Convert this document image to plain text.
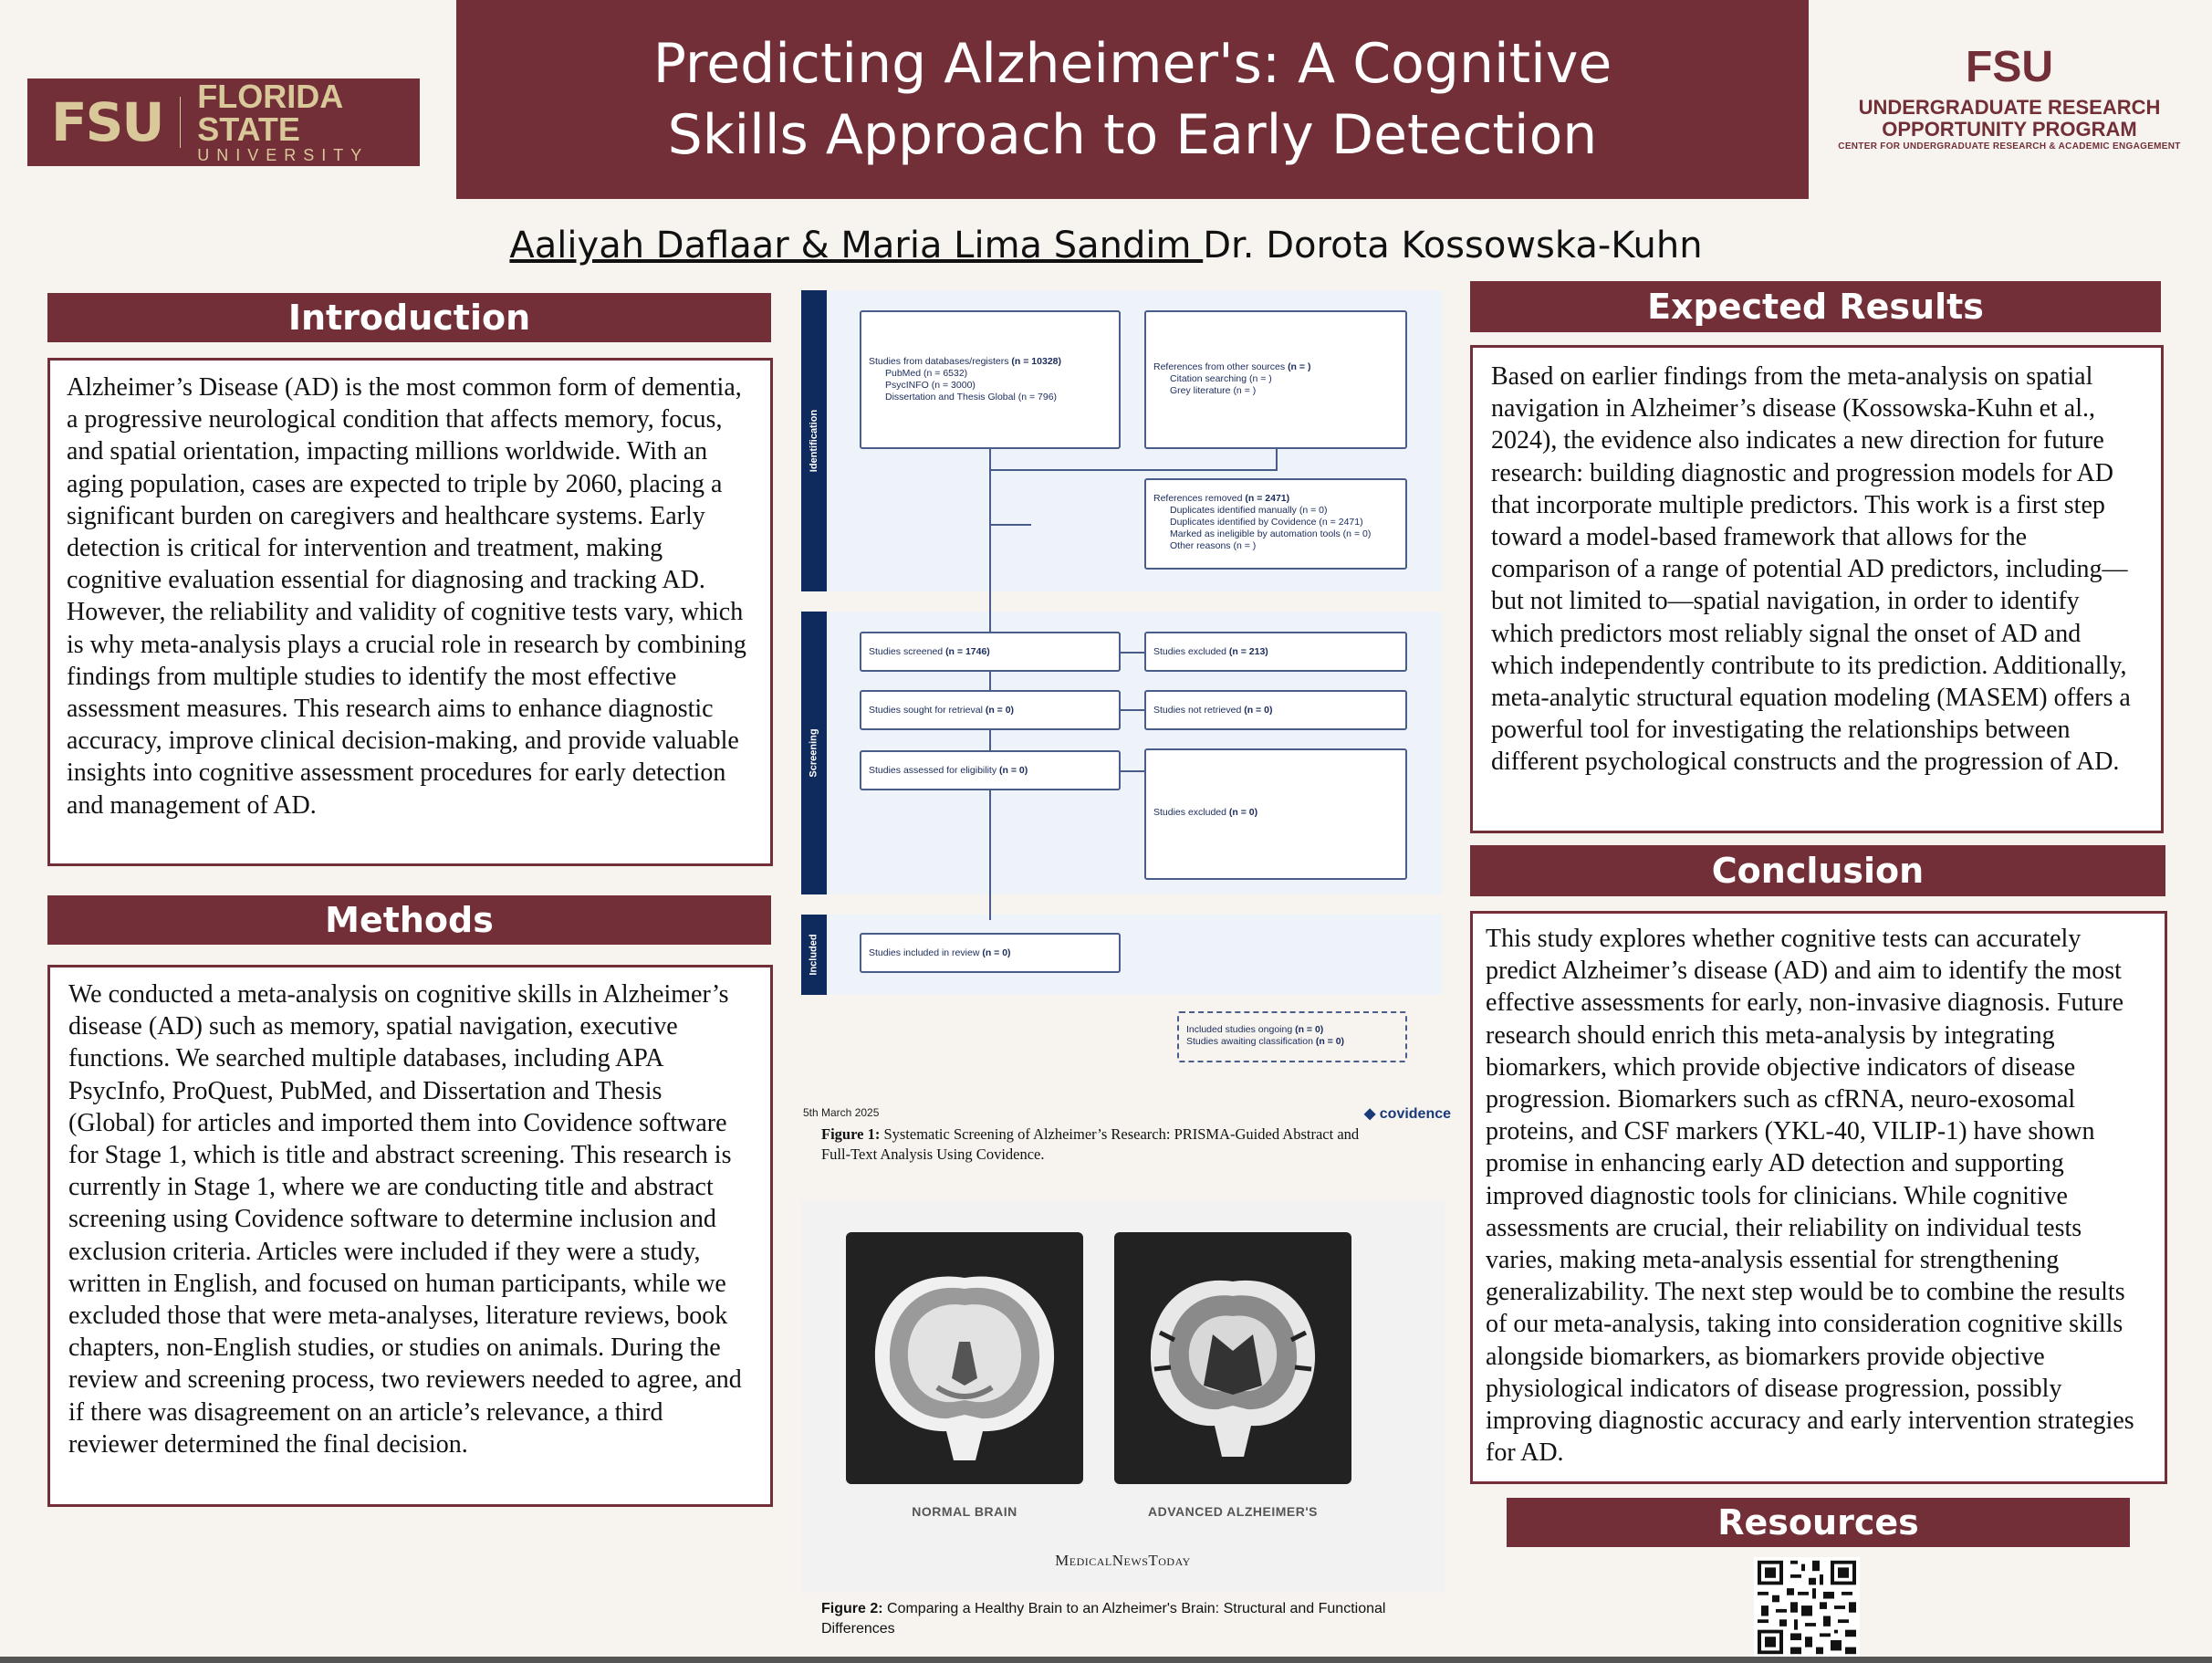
FSU FLORIDA STATE
UNIVERSITY
Predicting Alzheimer's: A Cognitive
Skills Approach to Early Detection
FSU
UNDERGRADUATE RESEARCH
OPPORTUNITY PROGRAM
CENTER FOR UNDERGRADUATE RESEARCH & ACADEMIC ENGAGEMENT
Aaliyah Daflaar & Maria Lima Sandim Dr. Dorota Kossowska-Kuhn
Introduction
Alzheimer’s Disease (AD) is the most common form of dementia, a progressive neurological condition that affects memory, focus, and spatial orientation, impacting millions worldwide. With an aging population, cases are expected to triple by 2060, placing a significant burden on caregivers and healthcare systems. Early detection is critical for intervention and treatment, making cognitive evaluation essential for diagnosing and tracking AD. However, the reliability and validity of cognitive tests vary, which is why meta-analysis plays a crucial role in research by combining findings from multiple studies to identify the most effective assessment measures. This research aims to enhance diagnostic accuracy, improve clinical decision-making, and provide valuable insights into cognitive assessment procedures for early detection and management of AD.
Methods
We conducted a meta-analysis on cognitive skills in Alzheimer’s disease (AD) such as memory, spatial navigation, executive functions. We searched multiple databases, including APA PsycInfo, ProQuest, PubMed, and Dissertation and Thesis (Global) for articles and imported them into Covidence software for Stage 1, which is title and abstract screening. This research is currently in Stage 1, where we are conducting title and abstract screening using Covidence software to determine inclusion and exclusion criteria. Articles were included if they were a study, written in English, and focused on human participants, while we excluded those that were meta-analyses, literature reviews, book chapters, non-English studies, or studies on animals. During the review and screening process, two reviewers needed to agree, and if there was disagreement on an article’s relevance, a third reviewer determined the final decision.
Identification
Screening
Included
Studies from databases/registers (n = 10328)
PubMed (n = 6532)
PsycINFO (n = 3000)
Dissertation and Thesis Global (n = 796)
References from other sources (n = )
Citation searching (n = )
Grey literature (n = )
References removed (n = 2471)
Duplicates identified manually (n = 0)
Duplicates identified by Covidence (n = 2471)
Marked as ineligible by automation tools (n = 0)
Other reasons (n = )
Studies screened (n = 1746)	Studies excluded (n = 213)
Studies sought for retrieval (n = 0)	Studies not retrieved (n = 0)
Studies assessed for eligibility (n = 0)
Studies excluded (n = 0)
Studies included in review (n = 0)
Included studies ongoing (n = 0)
Studies awaiting classification (n = 0)
5th March 2025	◆ covidence
Figure 1: Systematic Screening of Alzheimer’s Research: PRISMA-Guided Abstract and Full-Text Analysis Using Covidence.
NORMAL BRAIN	ADVANCED ALZHEIMER'S
MedicalNewsToday
Figure 2: Comparing a Healthy Brain to an Alzheimer's Brain: Structural and Functional Differences
Expected Results
Based on earlier findings from the meta-analysis on spatial navigation in Alzheimer’s disease (Kossowska-Kuhn et al., 2024), the evidence also indicates a new direction for future research: building diagnostic and progression models for AD that incorporate multiple predictors. This work is a first step toward a model-based framework that allows for the comparison of a range of potential AD predictors, including—but not limited to—spatial navigation, in order to identify which predictors most reliably signal the onset of AD and which independently contribute to its prediction. Additionally, meta-analytic structural equation modeling (MASEM) offers a powerful tool for investigating the relationships between different psychological constructs and the progression of AD.
Conclusion
This study explores whether cognitive tests can accurately predict Alzheimer’s disease (AD) and aim to identify the most effective assessments for early, non-invasive diagnosis. Future research should enrich this meta-analysis by integrating biomarkers, which provide objective indicators of disease progression. Biomarkers such as cfRNA, neuro-exosomal proteins, and CSF markers (YKL-40, VILIP-1) have shown promise in enhancing early AD detection and supporting improved diagnostic tools for clinicians. While cognitive assessments are crucial, their reliability on individual tests varies, making meta-analysis essential for strengthening generalizability. The next step would be to combine the results of our meta-analysis, taking into consideration cognitive skills alongside biomarkers, as biomarkers provide objective physiological indicators of disease progression, possibly improving diagnostic accuracy and early intervention strategies for AD.
Resources
